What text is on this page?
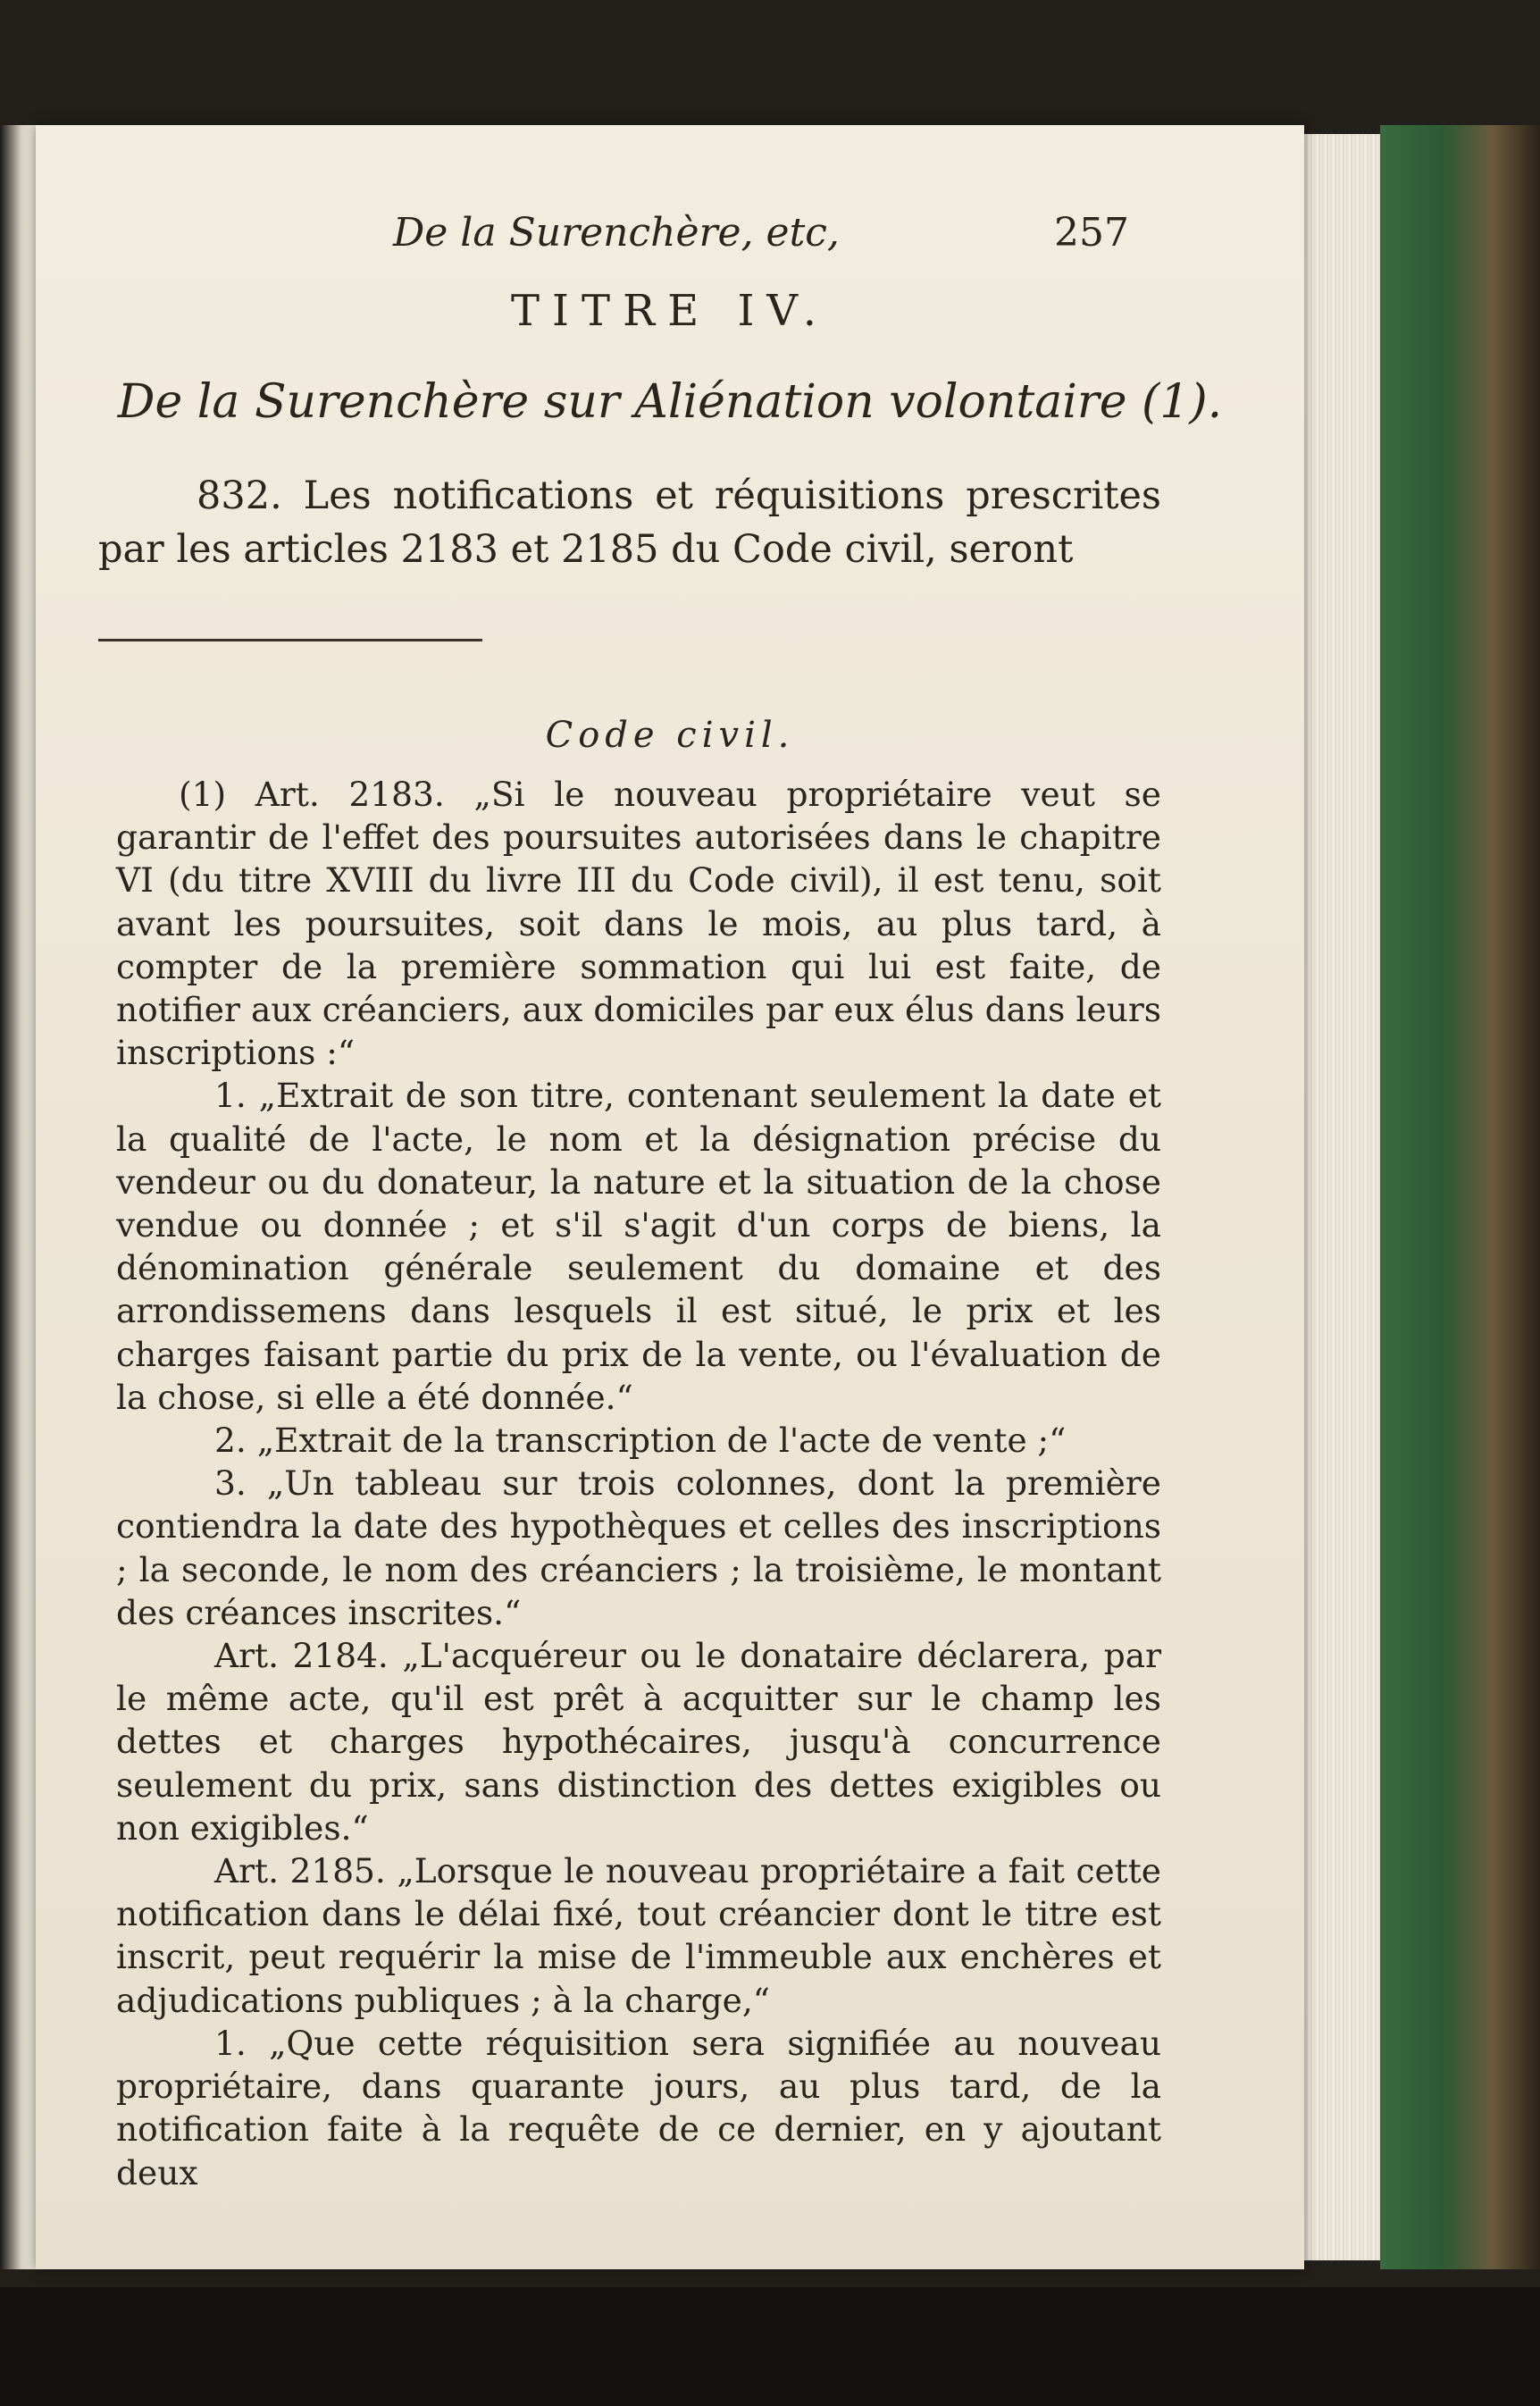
De la Surenchère, etc,	257
TITRE IV.
De la Surenchère sur Aliénation volontaire (1).

832. Les notifications et réquisitions prescrites par les articles 2183 et 2185 du Code civil, seront

Code civil.

(1) Art. 2183. „Si le nouveau propriétaire veut se garantir de l'effet des poursuites autorisées dans le chapitre VI (du titre XVIII du livre III du Code civil), il est tenu, soit avant les poursuites, soit dans le mois, au plus tard, à compter de la première sommation qui lui est faite, de notifier aux créanciers, aux domiciles par eux élus dans leurs inscriptions :“

1. „Extrait de son titre, contenant seulement la date et la qualité de l'acte, le nom et la désignation précise du vendeur ou du donateur, la nature et la situation de la chose vendue ou donnée ; et s'il s'agit d'un corps de biens, la dénomination générale seulement du domaine et des arrondissemens dans lesquels il est situé, le prix et les charges faisant partie du prix de la vente, ou l'évaluation de la chose, si elle a été donnée.“

2. „Extrait de la transcription de l'acte de vente ;“

3. „Un tableau sur trois colonnes, dont la première contiendra la date des hypothèques et celles des inscriptions ; la seconde, le nom des créanciers ; la troisième, le montant des créances inscrites.“

Art. 2184. „L'acquéreur ou le donataire déclarera, par le même acte, qu'il est prêt à acquitter sur le champ les dettes et charges hypothécaires, jusqu'à concurrence seulement du prix, sans distinction des dettes exigibles ou non exigibles.“

Art. 2185. „Lorsque le nouveau propriétaire a fait cette notification dans le délai fixé, tout créancier dont le titre est inscrit, peut requérir la mise de l'immeuble aux enchères et adjudications publiques ; à la charge,“

1. „Que cette réquisition sera signifiée au nouveau propriétaire, dans quarante jours, au plus tard, de la notification faite à la requête de ce dernier, en y ajoutant deux
